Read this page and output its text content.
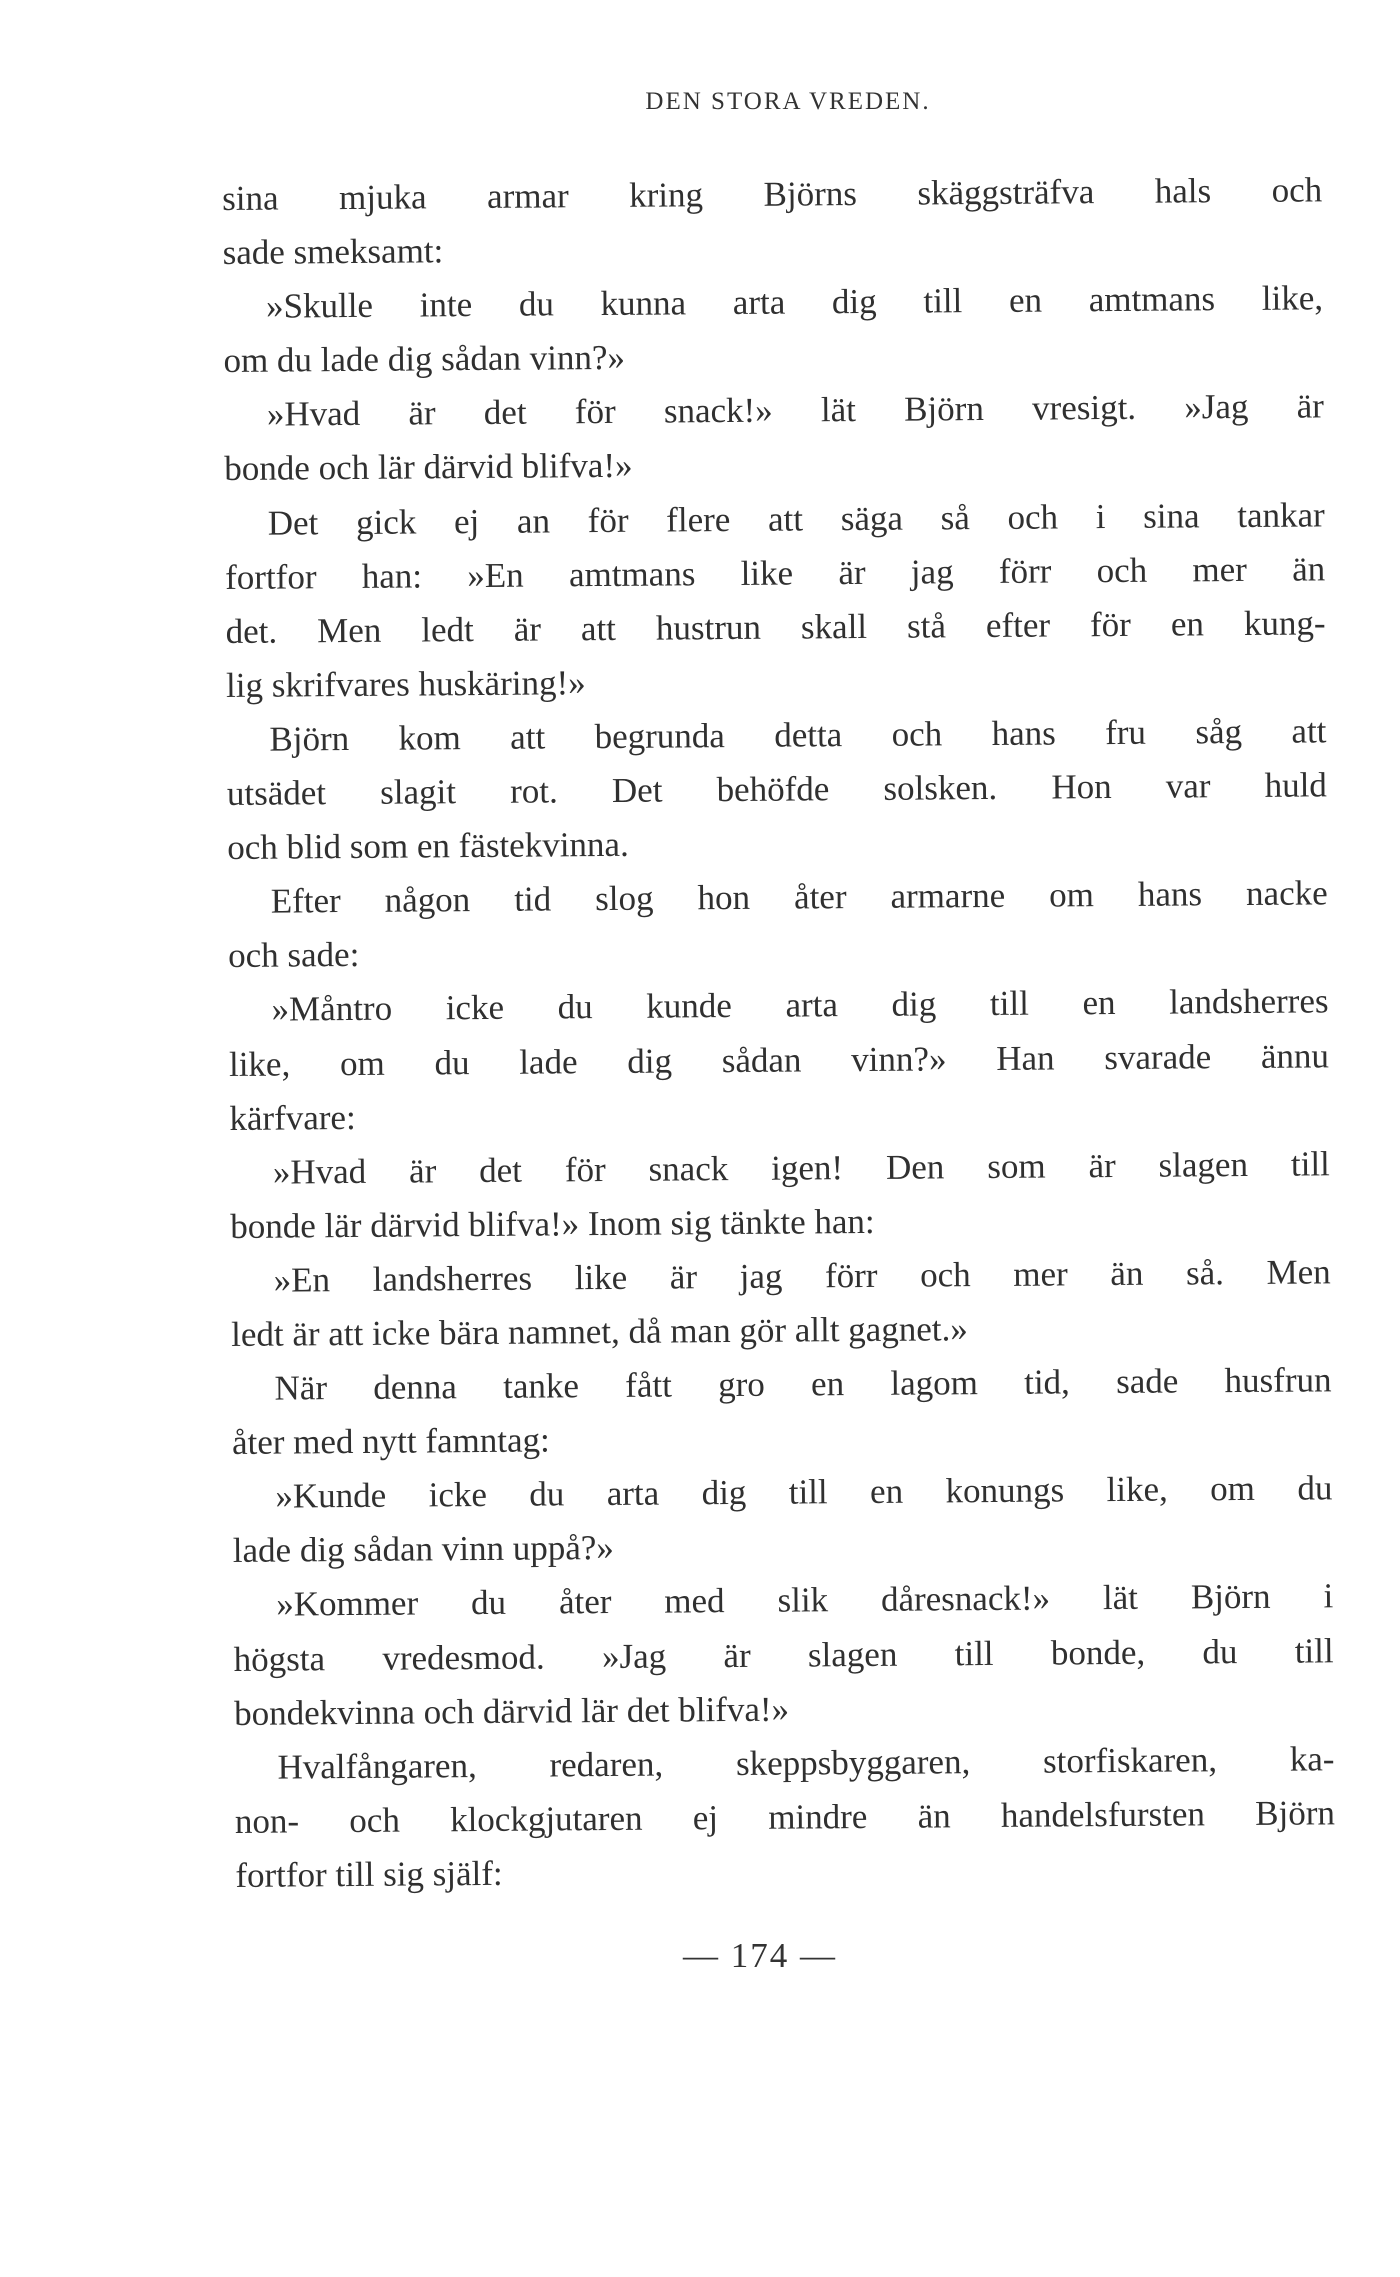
DEN STORA VREDEN.
sina mjuka armar kring Björns skäggsträfva hals och
sade smeksamt:
»Skulle inte du kunna arta dig till en amtmans like,
om du lade dig sådan vinn?»
»Hvad är det för snack!» lät Björn vresigt. »Jag är
bonde och lär därvid blifva!»
Det gick ej an för flere att säga så och i sina tankar
fortfor han: »En amtmans like är jag förr och mer än
det. Men ledt är att hustrun skall stå efter för en kung-
lig skrifvares huskäring!»
Björn kom att begrunda detta och hans fru såg att
utsädet slagit rot. Det behöfde solsken. Hon var huld
och blid som en fästekvinna.
Efter någon tid slog hon åter armarne om hans nacke
och sade:
»Måntro icke du kunde arta dig till en landsherres
like, om du lade dig sådan vinn?» Han svarade ännu
kärfvare:
»Hvad är det för snack igen! Den som är slagen till
bonde lär därvid blifva!» Inom sig tänkte han:
»En landsherres like är jag förr och mer än så. Men
ledt är att icke bära namnet, då man gör allt gagnet.»
När denna tanke fått gro en lagom tid, sade husfrun
åter med nytt famntag:
»Kunde icke du arta dig till en konungs like, om du
lade dig sådan vinn uppå?»
»Kommer du åter med slik dåresnack!» lät Björn i
högsta vredesmod. »Jag är slagen till bonde, du till
bondekvinna och därvid lär det blifva!»
Hvalfångaren, redaren, skeppsbyggaren, storfiskaren, ka-
non- och klockgjutaren ej mindre än handelsfursten Björn
fortfor till sig själf:
— 174 —
